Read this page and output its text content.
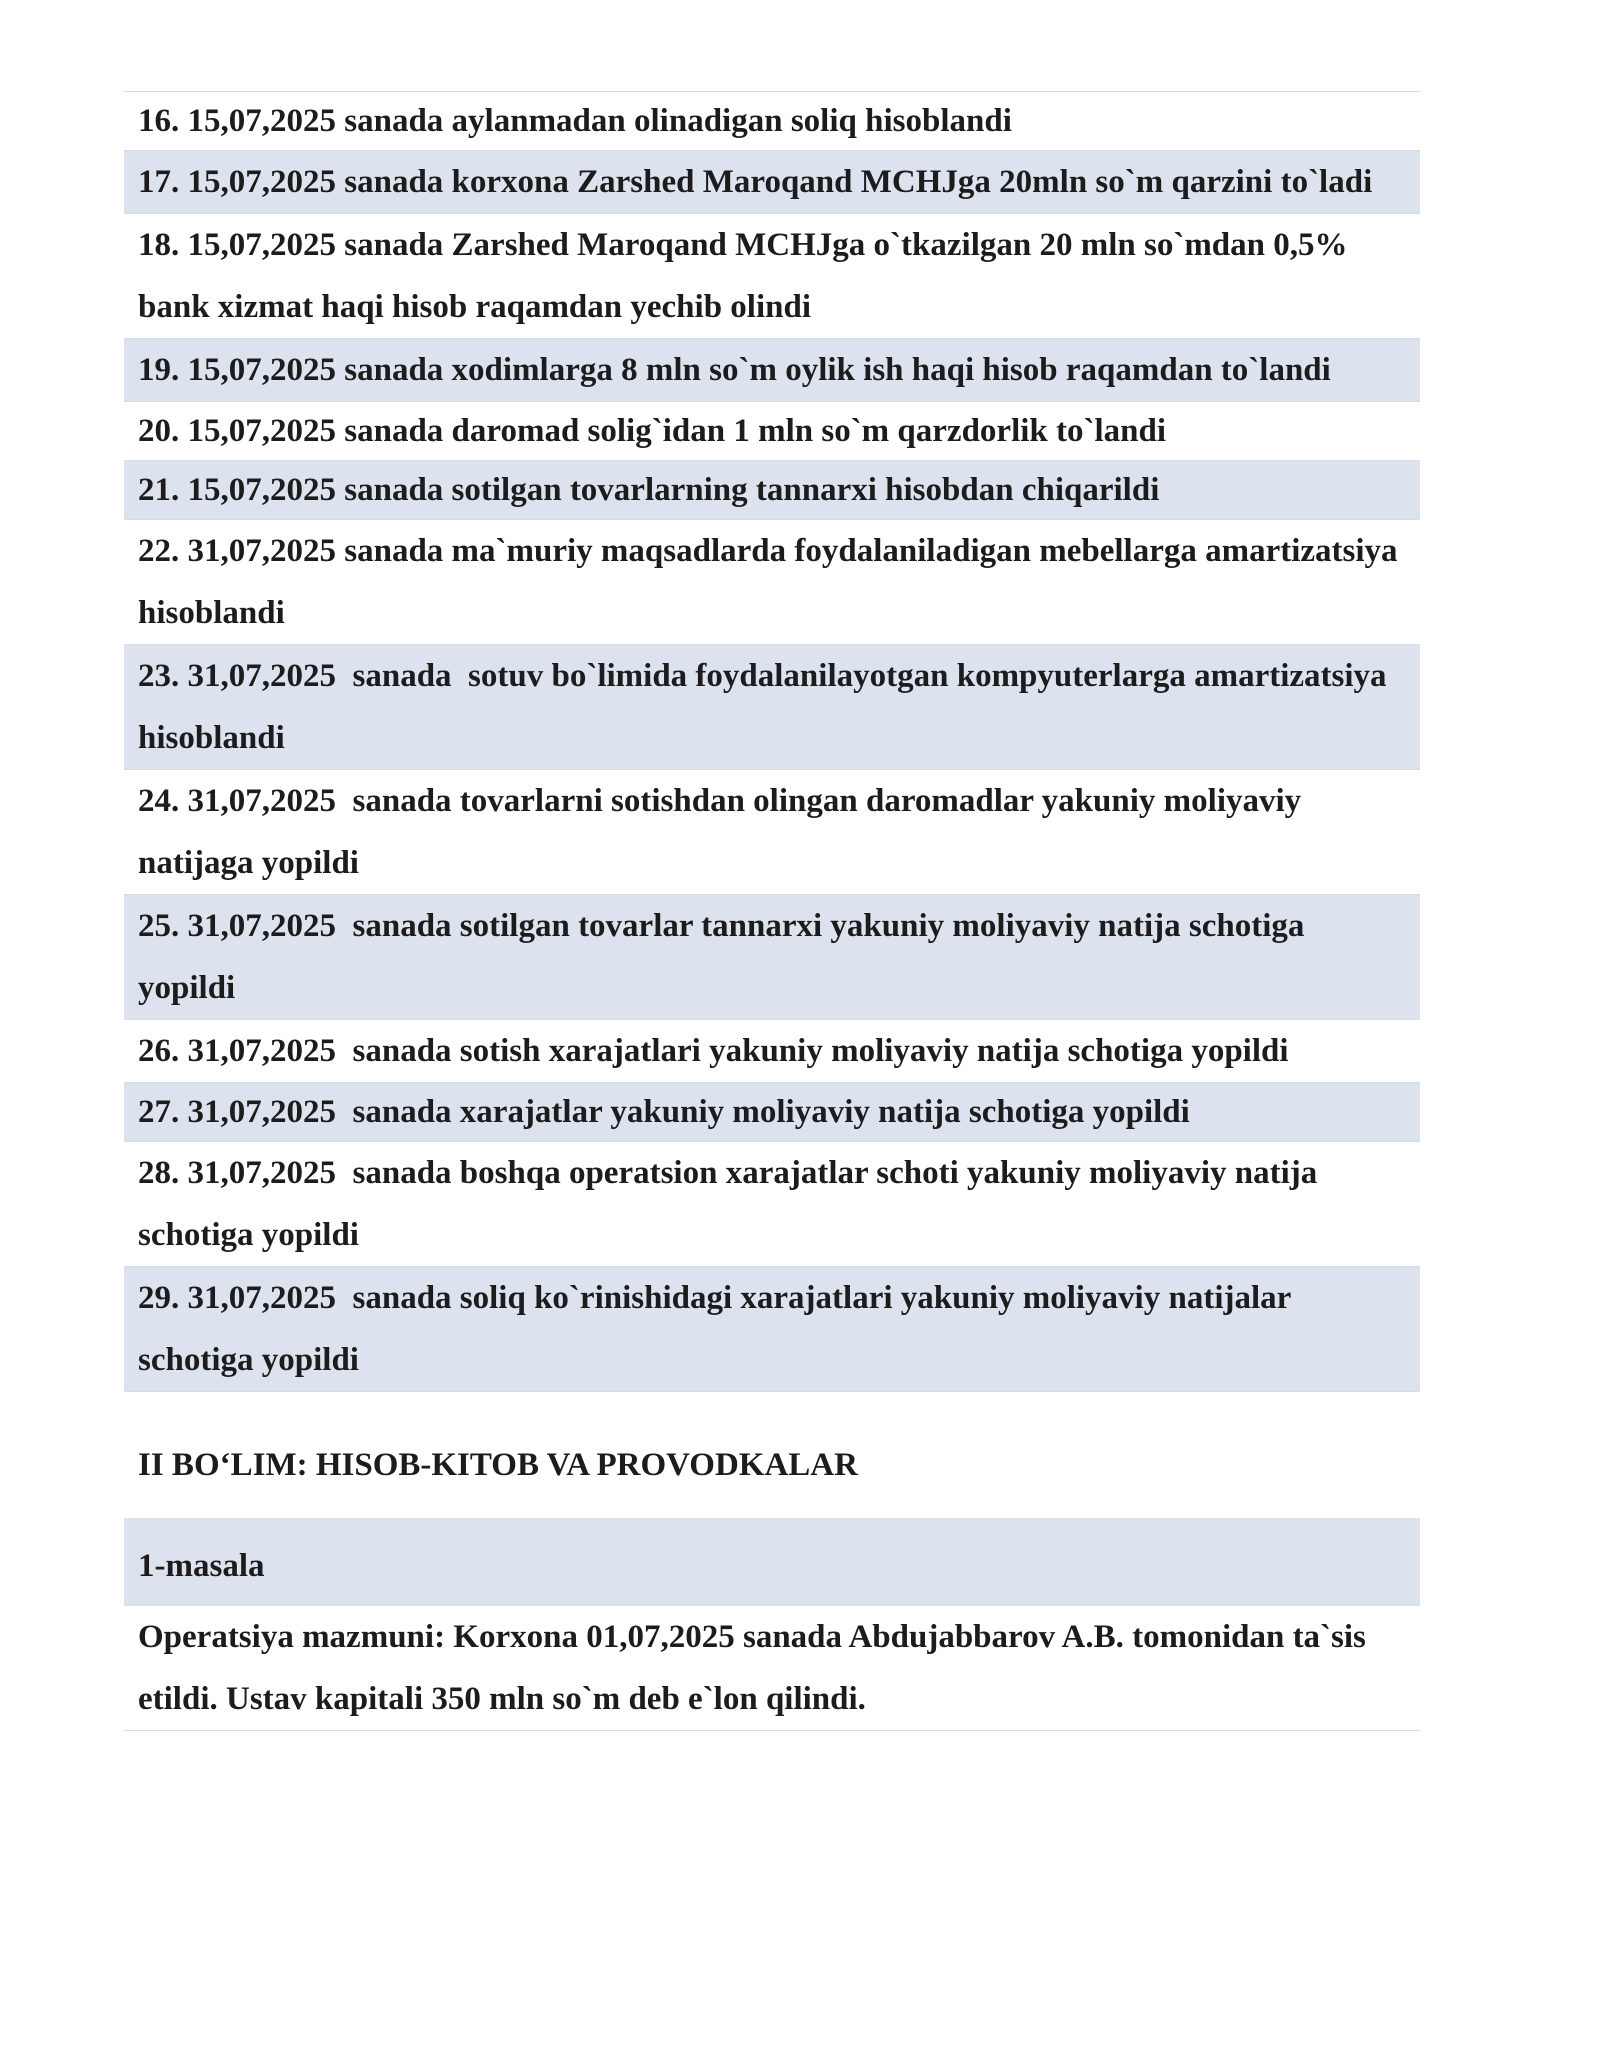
16. 15,07,2025 sanada aylanmadan olinadigan soliq hisoblandi
17. 15,07,2025 sanada korxona Zarshed Maroqand MCHJga 20mln so`m qarzini to`ladi
18. 15,07,2025 sanada Zarshed Maroqand MCHJga o`tkazilgan 20 mln so`mdan 0,5% bank xizmat haqi hisob raqamdan yechib olindi
19. 15,07,2025 sanada xodimlarga 8 mln so`m oylik ish haqi hisob raqamdan to`landi
20. 15,07,2025 sanada daromad solig`idan 1 mln so`m qarzdorlik to`landi
21. 15,07,2025 sanada sotilgan tovarlarning tannarxi hisobdan chiqarildi
22. 31,07,2025 sanada ma`muriy maqsadlarda foydalaniladigan mebellarga amartizatsiya hisoblandi
23. 31,07,2025  sanada  sotuv bo`limida foydalanilayotgan kompyuterlarga amartizatsiya hisoblandi
24. 31,07,2025  sanada tovarlarni sotishdan olingan daromadlar yakuniy moliyaviy natijaga yopildi
25. 31,07,2025  sanada sotilgan tovarlar tannarxi yakuniy moliyaviy natija schotiga yopildi
26. 31,07,2025  sanada sotish xarajatlari yakuniy moliyaviy natija schotiga yopildi
27. 31,07,2025  sanada xarajatlar yakuniy moliyaviy natija schotiga yopildi
28. 31,07,2025  sanada boshqa operatsion xarajatlar schoti yakuniy moliyaviy natija schotiga yopildi
29. 31,07,2025  sanada soliq ko`rinishidagi xarajatlari yakuniy moliyaviy natijalar schotiga yopildi
II BO‘LIM: HISOB-KITOB VA PROVODKALAR
1-masala
Operatsiya mazmuni: Korxona 01,07,2025 sanada Abdujabbarov A.B. tomonidan ta`sis etildi. Ustav kapitali 350 mln so`m deb e`lon qilindi.
